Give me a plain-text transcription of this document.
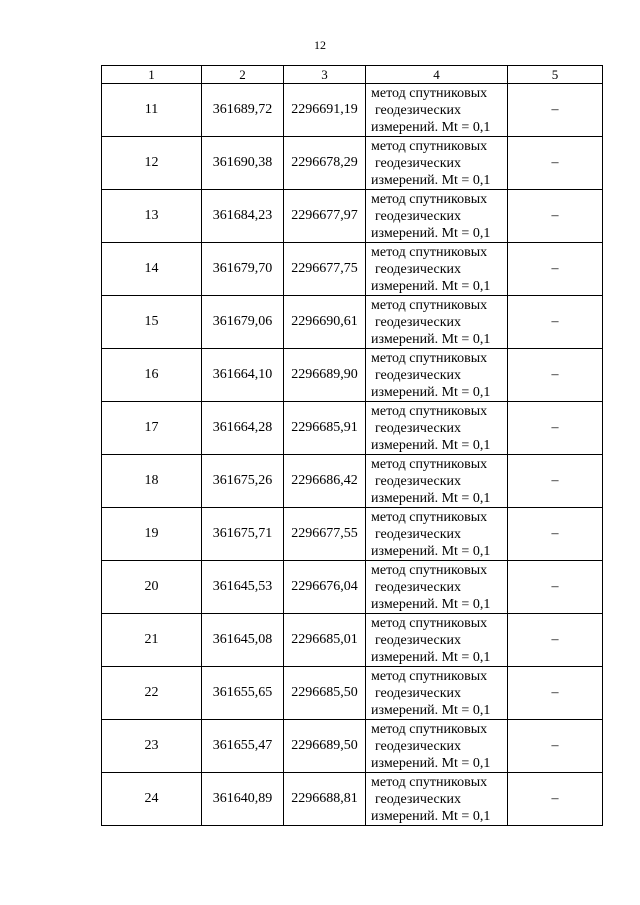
12
1	2	3	4	5
11	361689,72	2296691,19	метод спутниковых
геодезических
измерений. Mt = 0,1	–
12	361690,38	2296678,29	метод спутниковых
геодезических
измерений. Mt = 0,1	–
13	361684,23	2296677,97	метод спутниковых
геодезических
измерений. Mt = 0,1	–
14	361679,70	2296677,75	метод спутниковых
геодезических
измерений. Mt = 0,1	–
15	361679,06	2296690,61	метод спутниковых
геодезических
измерений. Mt = 0,1	–
16	361664,10	2296689,90	метод спутниковых
геодезических
измерений. Mt = 0,1	–
17	361664,28	2296685,91	метод спутниковых
геодезических
измерений. Mt = 0,1	–
18	361675,26	2296686,42	метод спутниковых
геодезических
измерений. Mt = 0,1	–
19	361675,71	2296677,55	метод спутниковых
геодезических
измерений. Mt = 0,1	–
20	361645,53	2296676,04	метод спутниковых
геодезических
измерений. Mt = 0,1	–
21	361645,08	2296685,01	метод спутниковых
геодезических
измерений. Mt = 0,1	–
22	361655,65	2296685,50	метод спутниковых
геодезических
измерений. Mt = 0,1	–
23	361655,47	2296689,50	метод спутниковых
геодезических
измерений. Mt = 0,1	–
24	361640,89	2296688,81	метод спутниковых
геодезических
измерений. Mt = 0,1	–
